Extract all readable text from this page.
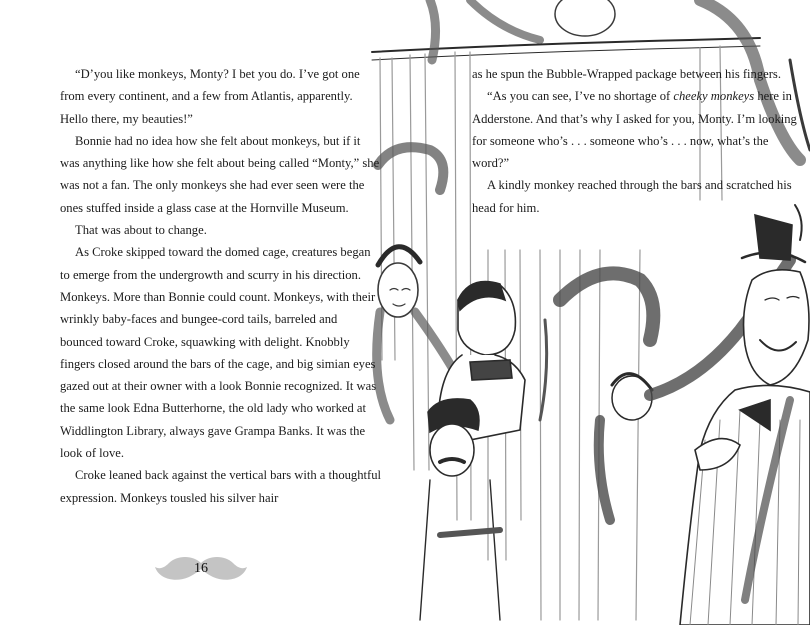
“D’you like monkeys, Monty? I bet you do. I’ve got one from every continent, and a few from Atlantis, apparently. Hello there, my beauties!”

Bonnie had no idea how she felt about monkeys, but if it was anything like how she felt about being called “Monty,” she was not a fan. The only monkeys she had ever seen were the ones stuffed inside a glass case at the Hornville Museum.

That was about to change.

As Croke skipped toward the domed cage, creatures began to emerge from the undergrowth and scurry in his direction. Monkeys. More than Bonnie could count. Monkeys, with their wrinkly baby-faces and bungee-cord tails, barreled and bounced toward Croke, squawking with delight. Knobbly fingers closed around the bars of the cage, and big simian eyes gazed out at their owner with a look Bonnie recognized. It was the same look Edna Butterhorne, the old lady who worked at Widdlington Library, always gave Grampa Banks. It was the look of love.

Croke leaned back against the vertical bars with a thoughtful expression. Monkeys tousled his silver hair

as he spun the Bubble-Wrapped package between his fingers.

“As you can see, I’ve no shortage of cheeky monkeys here in Adderstone. And that’s why I asked for you, Monty. I’m looking for someone who’s . . . someone who’s . . . now, what’s the word?”

A kindly monkey reached through the bars and scratched his head for him.

16
